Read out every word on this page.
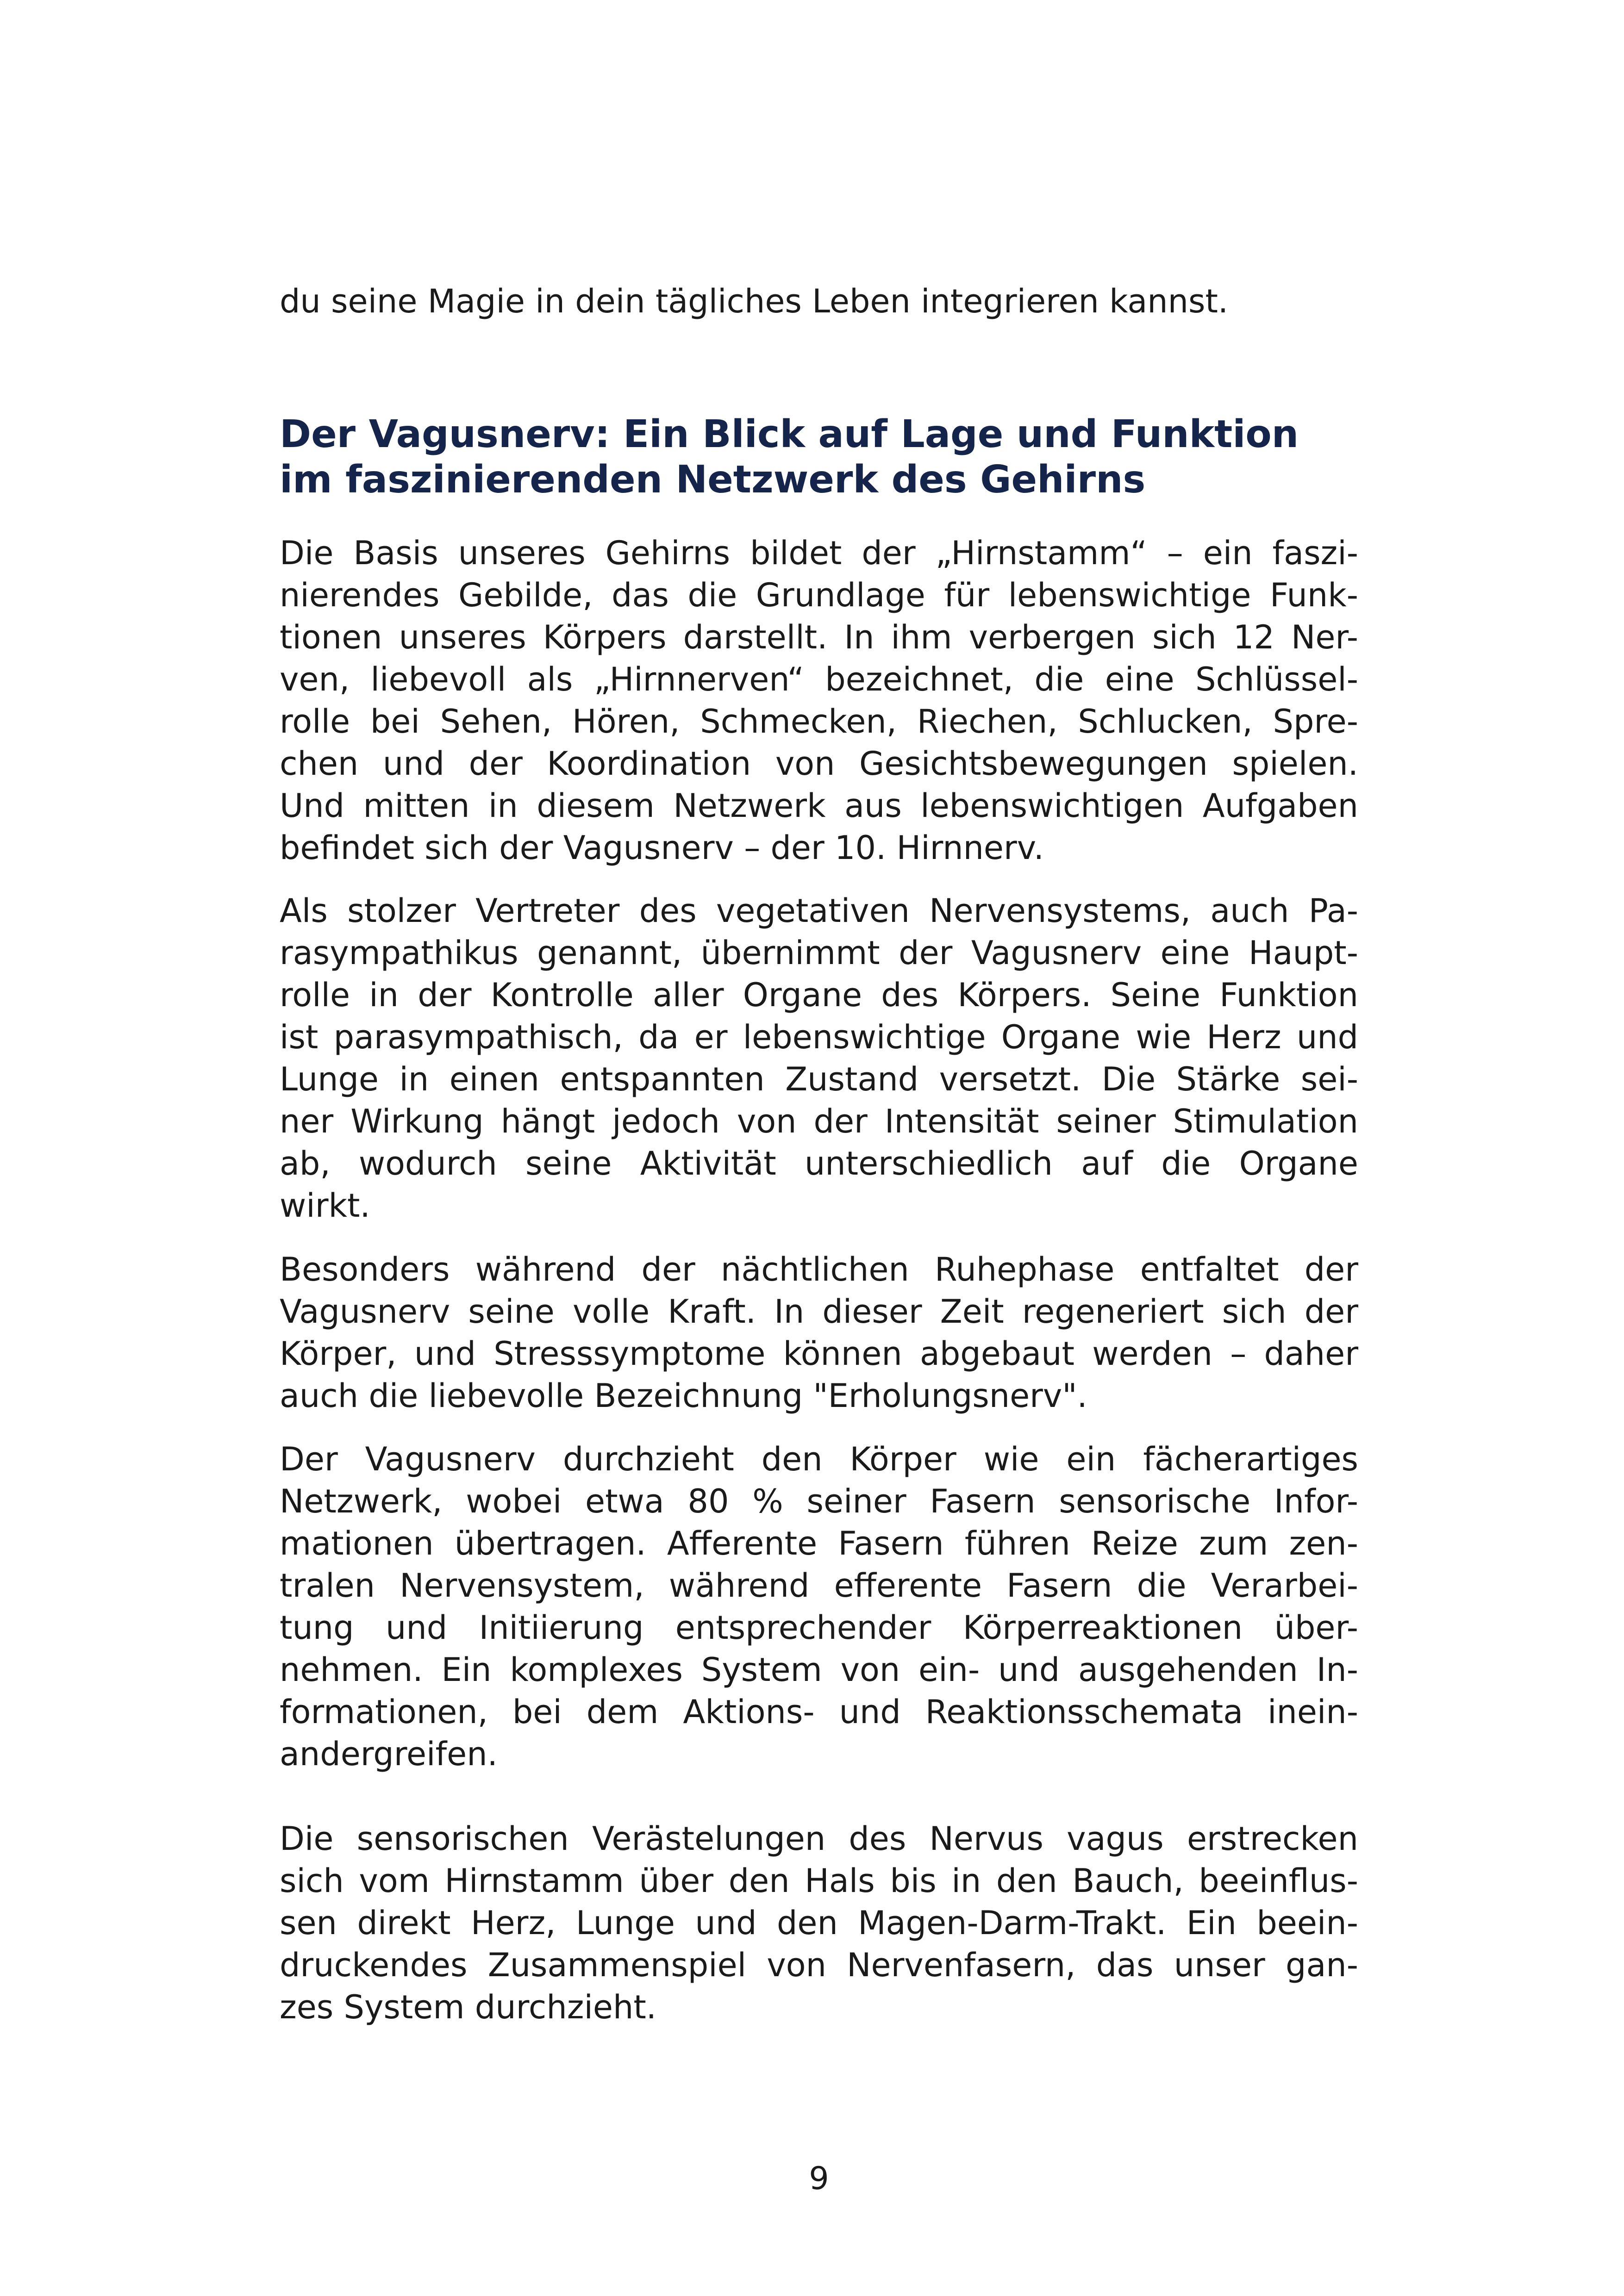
du seine Magie in dein tägliches Leben integrieren kannst.
Der Vagusnerv: Ein Blick auf Lage und Funktion
im faszinierenden Netzwerk des Gehirns
Die Basis unseres Gehirns bildet der „Hirnstamm“ – ein faszi-
nierendes Gebilde, das die Grundlage für lebenswichtige Funk-
tionen unseres Körpers darstellt. In ihm verbergen sich 12 Ner-
ven, liebevoll als „Hirnnerven“ bezeichnet, die eine Schlüssel-
rolle bei Sehen, Hören, Schmecken, Riechen, Schlucken, Spre-
chen und der Koordination von Gesichtsbewegungen spielen.
Und mitten in diesem Netzwerk aus lebenswichtigen Aufgaben
befindet sich der Vagusnerv – der 10. Hirnnerv.
Als stolzer Vertreter des vegetativen Nervensystems, auch Pa-
rasympathikus genannt, übernimmt der Vagusnerv eine Haupt-
rolle in der Kontrolle aller Organe des Körpers. Seine Funktion
ist parasympathisch, da er lebenswichtige Organe wie Herz und
Lunge in einen entspannten Zustand versetzt. Die Stärke sei-
ner Wirkung hängt jedoch von der Intensität seiner Stimulation
ab, wodurch seine Aktivität unterschiedlich auf die Organe
wirkt.
Besonders während der nächtlichen Ruhephase entfaltet der
Vagusnerv seine volle Kraft. In dieser Zeit regeneriert sich der
Körper, und Stresssymptome können abgebaut werden – daher
auch die liebevolle Bezeichnung "Erholungsnerv".
Der Vagusnerv durchzieht den Körper wie ein fächerartiges
Netzwerk, wobei etwa 80 % seiner Fasern sensorische Infor-
mationen übertragen. Afferente Fasern führen Reize zum zen-
tralen Nervensystem, während efferente Fasern die Verarbei-
tung und Initiierung entsprechender Körperreaktionen über-
nehmen. Ein komplexes System von ein- und ausgehenden In-
formationen, bei dem Aktions- und Reaktionsschemata inein-
andergreifen.
Die sensorischen Verästelungen des Nervus vagus erstrecken
sich vom Hirnstamm über den Hals bis in den Bauch, beeinflus-
sen direkt Herz, Lunge und den Magen-Darm-Trakt. Ein beein-
druckendes Zusammenspiel von Nervenfasern, das unser gan-
zes System durchzieht.
9
